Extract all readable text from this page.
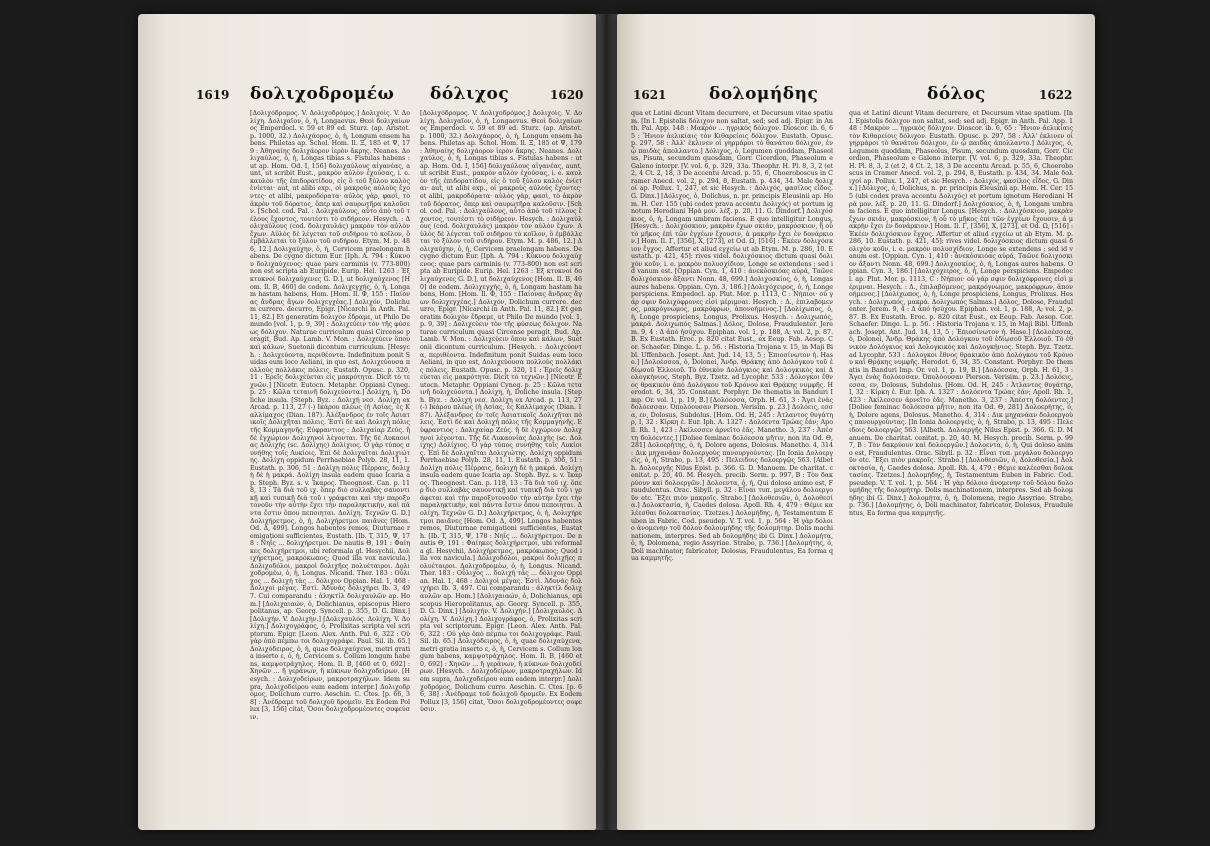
1619 δολιχοδρομέω δόλιχος	1620
[Δολιχόδρομος. V. Δολιχοδρόμος.] Δολιχοὶς. V. Δολίχη. Δολιχαῖον, ὁ, ἡ, Longaevus. Θεοὶ δολιχαίωνος Emperdocl. v. 59 et 89 ed. Sturz. (ap. Aristot. p. 1000, 32.) Δολιχάορος, ὁ, ἡ, Longum ensem habens. Philetas ap. Schol. Hom. Il. Ξ, 185 et Ψ, 179 : Ἀθηναίης δολιχάορον ἱερὸν ἄκρης. Neanes. Δολιχαύλος, ὁ, ἡ, Longas tibias s. Fistulas habens : ut ap. Hom. Od. I, 156] δολιχαύλους αἰγανέας, aunt, ut scribit Eust., μακρὸν αὐλὸν ἐχούσας, i. e. καυλὸν τῆς ἐπιδορατίδου, εἰς ὃ τοῦ ξύλου καλὸς ἐνίεται· aut, ut alibi exp., οἱ μακροὺς αὐλοὺς ἔχοντες· et alibi, μακροδόρατα· αὐλὸς γὰρ, φασὶ, τὸ ἀκρὸν τοῦ δόρατος, ὅπερ καὶ σαυρωτῆρα καλοῦσιν. [Schol. cod. Pal. : Δολιχαύλους, αὖτο ἀπὸ τοῦ τέλους ἔχοντος, τουτέστι τὸ σιδήρεον. Hesych. : Δολιχαύλους (cod. δολιχαυλάς) μακρὸν τὸν αὐλὸν ἔχων. Αὐλὸς δὲ λέγεται τοῦ σιδήρου τὸ κοῖλον, ὃ ἐμβάλλεται τὸ ξύλον τοῦ σιδήρου. Etym. M. p. 486, 12.] Δολιχαύχην, ὁ, ἡ, Cervicem praelongam habens. De cygno dictum Eur. [Iph. A. 794 : Κύκνου δολιχαύχενος: quae pars carminis (v. 773-800) non est scripta ab Euripide. Eurip. Hel. 1263 : Ἐξ κτυκνοί δολιχαύχενες G. D.], ut δολιχαύχενος [Hom. Il. B, 460] de codem. Δολιχεγχής, ὁ, ἡ, Longam hastam habens, Hom. [Hom. Il. Φ, 155 : Παίονας ἄνδρας ἄγων δολιχεγχέας.] Δολιχόν, Dolichum currere. decurro, Epigr. [Nicarchi in Anth. Pal. 11, 82.] Et generatim δολιχὸν ἔδραμε, ut Philo De mundo [vol. 1, p. 9, 39] : Δολιχεύειν τὸν τῆς φύσεως δόλιχον. Naturae curriculum quasi Circense peragit, Bud. Ap. Lamb. V. Mon. : Δολιχεύειν ὅπου καὶ κάλων, Suetonii dicontum curriculum. [Hesych. : Δολιχεύοντα, περιθέοντα. Indefinitum ponit Suidas eum loco Aeliani, in quo est, Δολιχεύουσα πολλοὺς πολλάκις πόλεις. Eustath. Opusc. p. 320, 11 : Ἐρεῖς δολιχεύεται εἰς μακρότητα. Dicit τὸ τεχνῶν.] [Nicetr. Eutocn. Metaphr. Oppiani Cyneg. p. 25 : Κῶλα τεταινῆ δολιχεύοντα.] Δολίχη, ἡ, Doliche insula. [Steph. Byz. : Δολιχή νεσ. Δολίχη ex Arcad. p. 113, 27 (-) Ικάρου πλέως (ἡ Ασίας, ἐς Καλλίμαχος (Dian. 187). Ἀλέξανδρος ἐν τοῖς Ἀσιατικοῖς Δολιχῆται πόλεις. Ἐστὶ δὲ καὶ Δολιχὴ πόλις τῆς Κομμαγηνῆς. Εὐφραντιος : Δολιχαίαρ Ζεύς. ἣ δὲ ἐγχώριον Δολιχηνοὶ λέγονται. Τῆς δὲ Λυκαονίας Δολιχὴς (sc. Δολίχης) Δολίχιος. Ὁ γὰρ τύπος συνήθης τοῖς Λυκίοις. Ἐπὶ δὲ Δολιχαῖται Δολιχιώτης. Δολίχη oppidum Perrhaebiae Polyb. 28, 11, 1. Eustath. p. 306, 51 : Δολίχη πόλις Πέρραις, δολιχὴ δὲ ἡ μακρά. Δολίχη insula eadem quae Icaria ap. Steph. Byz. s. v. Ἰκαρος. Theognost. Can. p. 118, 13 : Τὰ διὰ τοῦ ιχ. ὅπερ διὸ συλλαβὰς σαυοντικῇ καὶ τυπικῇ διὰ τοῦ ι γράφεται καὶ τὴν παροξυτονοῦν τὴν αὐτὴν ἔχει τὴν παραληκτικὴν, καὶ πάντα ἔστιν ὅπου πεποιηται. Δολίχη. Τεχνῶν G. D.] Δολιχήρετμος, ὁ, ἡ, Δολιχήρετμοι παιᾶνες [Hom. Od. Δ, 499]. Longos habentes remos, Diuturnae remigationi sufficientes, Eustath. [Ib. T, 315, Ψ, 178 : Νηΐς ... δολιχήρετμοι. De nautis Θ, 191 : Φαίηκες δολιχήρετμοι, ubi reformala gl. Hesychii, Δολιχήρετμος, μακρόκωπος; Quod illa vox navicula.] Δολιχοδόλοι, μακροὶ δολιχῆες πολυέταιροι. Δολιχοδρομέω, ὁ, ἡ, Longus. Nicand. Ther. 183 : Οὖλιχος ... δολιχή τὰς ... δόλιχον Oppian. Hal. 1, 468 : Δολιχοὶ μέγας. Ἐστὶ. Ἀδυνάς δολιχήρει Ib. 3, 497. Cui comparandu : ἀληκτίλ δολιχαυλῶν ap. Hom.] [Δολιχαιαών, ὁ, Dolichianus, episcopus Hieropolitanus, ap. Georg. Syncell. p. 355, D. G. Dinx.] [Δολιχήν. V. Δολιχήν.] [Δολιχαυλός. Δολίχη. V. Δολίχη.] Δολιχογράφος, ὁ, Prolixitas scripta vel scriptorum. Epigr. [Leon. Alex. Anth. Pal. 6, 322 : Οὐ γὰρ ὀπὸ πέμπω τοι δολιχογράφε. Paul. Sil. ib. 65.] Δολιχόδειρος, ὁ, ἡ, quae δολιχαύχενα, metri gratia inserto ε, ὁ, ἡ, Cervicem s. Collum longum habens, καμψοτράχηλος. Hom. Il. B, [460 et 0, 692] : Χηνῶν ... ἢ γεράνων, ἢ κύκνων δολιχοδείρων. [Hesych. : Δολιχοδείρων, μακροτραχήλων. Idem supra, Δολιχοδείρου eum eadem interpr.] Δολιχοδρόμος, Dolichum curro. Aeschin. C. Ctes. [p. 66, 38] : Ἀνέδραμε τοῦ δολιχοῦ δρομεῖν. Ex Eodem Pollux [3, 156] citat, Ὅσοι δολιχοδρομέοντες σοφεύσιν.
[Δολιχόδρομος. V. Δολιχοδρόμος.] Δολιχοὶς. V. Δολίχη. Δολιχαῖον, ὁ, ἡ, Longaevus. Θεοὶ δολιχαίωνος Emperdocl. v. 59 et 89 ed. Sturz. (ap. Aristot. p. 1000, 32.) Δολιχάορος, ὁ, ἡ, Longum ensem habens. Philetas ap. Schol. Hom. Il. Ξ, 185 et Ψ, 179 : Ἀθηναίης δολιχάορον ἱερὸν ἄκρης. Neanes. Δολιχαύλος, ὁ, ἡ, Longas tibias s. Fistulas habens : ut ap. Hom. Od. I, 156] δολιχαύλους αἰγανέας, aunt, ut scribit Eust., μακρὸν αὐλὸν ἐχούσας, i. e. καυλὸν τῆς ἐπιδορατίδου, εἰς ὃ τοῦ ξύλου καλὸς ἐνίεται· aut, ut alibi exp., οἱ μακροὺς αὐλοὺς ἔχοντες· et alibi, μακροδόρατα· αὐλὸς γὰρ, φασὶ, τὸ ἀκρὸν τοῦ δόρατος, ὅπερ καὶ σαυρωτῆρα καλοῦσιν. [Schol. cod. Pal. : Δολιχαύλους, αὖτο ἀπὸ τοῦ τέλους ἔχοντος, τουτέστι τὸ σιδήρεον. Hesych. : Δολιχαύλους (cod. δολιχαυλάς) μακρὸν τὸν αὐλὸν ἔχων. Αὐλὸς δὲ λέγεται τοῦ σιδήρου τὸ κοῖλον, ὃ ἐμβάλλεται τὸ ξύλον τοῦ σιδήρου. Etym. M. p. 486, 12.] Δολιχαύχην, ὁ, ἡ, Cervicem praelongam habens. De cygno dictum Eur. [Iph. A. 794 : Κύκνου δολιχαύχενος: quae pars carminis (v. 773-800) non est scripta ab Euripide. Eurip. Hel. 1263 : Ἐξ κτυκνοί δολιχαύχενες G. D.], ut δολιχαύχενος [Hom. Il. B, 460] de codem. Δολιχεγχής, ὁ, ἡ, Longam hastam habens, Hom. [Hom. Il. Φ, 155 : Παίονας ἄνδρας ἄγων δολιχεγχέας.] Δολιχόν, Dolichum currere. decurro, Epigr. [Nicarchi in Anth. Pal. 11, 82.] Et generatim δολιχὸν ἔδραμε, ut Philo De mundo [vol. 1, p. 9, 39] : Δολιχεύειν τὸν τῆς φύσεως δόλιχον. Naturae curriculum quasi Circense peragit, Bud. Ap. Lamb. V. Mon. : Δολιχεύειν ὅπου καὶ κάλων, Suetonii dicontum curriculum. [Hesych. : Δολιχεύοντα, περιθέοντα. Indefinitum ponit Suidas eum loco Aeliani, in quo est, Δολιχεύουσα πολλοὺς πολλάκις πόλεις. Eustath. Opusc. p. 320, 11 : Ἐρεῖς δολιχεύεται εἰς μακρότητα. Dicit τὸ τεχνῶν.] [Nicetr. Eutocn. Metaphr. Oppiani Cyneg. p. 25 : Κῶλα τεταινῆ δολιχεύοντα.] Δολίχη, ἡ, Doliche insula. [Steph. Byz. : Δολιχή νεσ. Δολίχη ex Arcad. p. 113, 27 (-) Ικάρου πλέως (ἡ Ασίας, ἐς Καλλίμαχος (Dian. 187). Ἀλέξανδρος ἐν τοῖς Ἀσιατικοῖς Δολιχῆται πόλεις. Ἐστὶ δὲ καὶ Δολιχὴ πόλις τῆς Κομμαγηνῆς. Εὐφραντιος : Δολιχαίαρ Ζεύς. ἣ δὲ ἐγχώριον Δολιχηνοὶ λέγονται. Τῆς δὲ Λυκαονίας Δολιχὴς (sc. Δολίχης) Δολίχιος. Ὁ γὰρ τύπος συνήθης τοῖς Λυκίοις. Ἐπὶ δὲ Δολιχαῖται Δολιχιώτης. Δολίχη oppidum Perrhaebiae Polyb. 28, 11, 1. Eustath. p. 306, 51 : Δολίχη πόλις Πέρραις, δολιχὴ δὲ ἡ μακρά. Δολίχη insula eadem quae Icaria ap. Steph. Byz. s. v. Ἰκαρος. Theognost. Can. p. 118, 13 : Τὰ διὰ τοῦ ιχ. ὅπερ διὸ συλλαβὰς σαυοντικῇ καὶ τυπικῇ διὰ τοῦ ι γράφεται καὶ τὴν παροξυτονοῦν τὴν αὐτὴν ἔχει τὴν παραληκτικὴν, καὶ πάντα ἔστιν ὅπου πεποιηται. Δολίχη. Τεχνῶν G. D.] Δολιχήρετμος, ὁ, ἡ, Δολιχήρετμοι παιᾶνες [Hom. Od. Δ, 499]. Longos habentes remos, Diuturnae remigationi sufficientes, Eustath. [Ib. T, 315, Ψ, 178 : Νηΐς ... δολιχήρετμοι. De nautis Θ, 191 : Φαίηκες δολιχήρετμοι, ubi reformala gl. Hesychii, Δολιχήρετμος, μακρόκωπος; Quod illa vox navicula.] Δολιχοδόλοι, μακροὶ δολιχῆες πολυέταιροι. Δολιχοδρομέω, ὁ, ἡ, Longus. Nicand. Ther. 183 : Οὖλιχος ... δολιχή τὰς ... δόλιχον Oppian. Hal. 1, 468 : Δολιχοὶ μέγας. Ἐστὶ. Ἀδυνάς δολιχήρει Ib. 3, 497. Cui comparandu : ἀληκτίλ δολιχαυλῶν ap. Hom.] [Δολιχαιαών, ὁ, Dolichianus, episcopus Hieropolitanus, ap. Georg. Syncell. p. 355, D. G. Dinx.] [Δολιχήν. V. Δολιχήν.] [Δολιχαυλός. Δολίχη. V. Δολίχη.] Δολιχογράφος, ὁ, Prolixitas scripta vel scriptorum. Epigr. [Leon. Alex. Anth. Pal. 6, 322 : Οὐ γὰρ ὀπὸ πέμπω τοι δολιχογράφε. Paul. Sil. ib. 65.] Δολιχόδειρος, ὁ, ἡ, quae δολιχαύχενα, metri gratia inserto ε, ὁ, ἡ, Cervicem s. Collum longum habens, καμψοτράχηλος. Hom. Il. B, [460 et 0, 692] : Χηνῶν ... ἢ γεράνων, ἢ κύκνων δολιχοδείρων. [Hesych. : Δολιχοδείρων, μακροτραχήλων. Idem supra, Δολιχοδείρου eum eadem interpr.] Δολιχοδρόμος, Dolichum curro. Aeschin. C. Ctes. [p. 66, 38] : Ἀνέδραμε τοῦ δολιχοῦ δρομεῖν. Ex Eodem Pollux [3, 156] citat, Ὅσοι δολιχοδρομέοντες σοφεύσιν.
1621	δολομήδης	δόλος	1622
qua et Latini dicunt Vitam decurrere, et Decursum vitae spatium. [In I. Epistolis δόλιχον non saltat, sed; sed adj. Epigr. in Anth. Pal. App. 148 : Μακρὸν ... ηγρικὸς δόλιχον. Dioscor. ib. 6, 65 : Ἤνιον ἀελικίαις τὸν Κιθαρείοις δόλιχον. Eustath. Opusc. p. 297, 58 : Ἀλλ' ἐκλινεν οἱ γηρμάροι τὸ θανάτου δόλιχον, ἐν ᾧ παιδὰς ἀπολλαντο.] Δόλιχος, ὁ, Legumen quoddam, Phaseolus, Pisum, secundum quosdam, Gorr. Cicerdion, Phaseolum e Galeno interpr. [V. vol. 6, p. 329, 33a. Theophr. H. Pl. 8, 3, 2 (et 2, 4 Ct. 2, 18, 3 De accentu Arcad. p. 55, 6, Choeroboscus in Cramer Anecd. vol. 2, p. 294, 8, Eustath. p. 434, 34. Male δολιχοί ap. Pollux. 1, 247, et sic Hesych. : Δολιχός, φασίλος εἶδος. G. Dinx.] [Δόλιχος, ὁ, Dolichus, n. pr. principis Eleusinii ap. Hom. H. Cer. 155 (ubi codex prava accentu Δολιχός) et portum ignotum Herodiani Ἡρὰ μον. λέξ. p. 20, 11. G. Dindorf.] Δολιχόσκιος, ὁ, ἡ, Longam umbram faciens. E quo intelligitur Longus. [Hesych. : Δολιχόσκιον, μακρὰν ἔχων σκιάν, μακρόσκιον, ἢ οὗ τὸ μῆκος ἐπὶ τῶν ἐγχέων ἔχουσιν, ἀ μακρὴν ἔχει ἐν δονάρκιον.] Hom. Il. Γ, [356], Χ, [273], et Od. Ω, [516] : Ἑκέεν δολιχόσκιον ἔγχος. Affertur et aliud εγχείω ut ab Etym. M. p. 286, 10. Eustath. p. 421, 45]: rives videl. δολιχόσκιος dictum quasi δολιχὸν κοῦν, i. e. μακρὸν πολυσχίδιον, Longe se extendens ; sed id vanum est. [Oppian. Cyn. 1, 410 : ἀνεκὀσκιόας αὐρά, Ταῶνε δολιχόσκιον ἄξαντι Nonn. 48, 699.] Δολιχοσκίος, ὁ, ἡ, Longas aures habens. Oppian. Cyn. 3, 186.] [Δολιχόχειρος, ὁ, ἡ, Longe perspiciens. Empedocl. ap. Plut. Mor. p. 1113, C : Νήπιοι· οὐ γάρ σφιν δολιχόφρονες εἰσὶ μέριμναι. Hesych. : Δ., ἐπιλαβόμενος, μακρόγνωμος, μακρόφρων, ἀπονοήμενος.] [Δολίχωπος, ὁ, ἡ, Longe prospiciens, Longus, Prolixus. Hesych. : Δολιχωπός, μακρά. Δολιχωπός Salmas.] Δόλος, Dolose, Fraudulenter. Jerem. 9, 4 : Δ ἀπό ἡσύχου. Epiphan. vol. 1, p. 188, A; vol. 2, p. 87. B. Ex Eustath. Eroc. p. 820 citat Eust., ex Eeup. Fab. Aesop. Cor. Schaefer. Dinge. L. p. 56. : Historia Trojana v. 15, in Maji Bibl. Uffenbach. Josept. Ant. Jud. 14, 13, 5 ; Ἐπιοσίνωτον ἡ. Hase.] [Δολοέσσεα, ὁ, Dolonei, Ἄνδρ. Θράκης ἀπὸ Δολόγκου τοῦ ἐδίῳσοῦ Ἑλλοιοῦ. Τὸ ἐθνικὸν Δολόγκιος καὶ Δολογκικὸς καὶ Δολογκήνιος. Steph. Byz. Tzetz. ad Lycophr. 533 : Δόλογκοι ἔθνος θρακικὸν ἀπὸ Δολόγκου τοῦ Κρόνου καὶ Θρᾴκης νυμφῆς. Herodot. 6, 34, 35. Constant. Porphyr. De thematis in Banduri Imp. Or. vol. 1, p. 19, B.] [Δολόεσσα, Orph. H. 61, 3 : Ἄγει ἐνὰς δολόεσσαν. Ὀπολόουσαν Pierson. Verisim. p. 23.] Δολόεις, εσσα, εν, Dolosus, Subdolus. [Hom. Od. H, 245 : Ἀτλαντος θυγάτηρ, Ι, 32 : Κίρκη ἐ. Eur. Iph. A. 1327 : Δολόεντα Τρώας ἐάν; Apoll. Rh. 1, 423 : Ἀκίλεσσεν ἀρνεῖτο ἐᾶς. Manetho. 3, 237 : Ἀπέστη δολόεντες.] [Doliee feminac δολόεσσα μῆτιν, non ita Od. Θ, 281] Δολοερήτης, ὁ, ἡ, Dolore agens, Dolosus. Manetho. 4, 314 : Δικ μηχανάαν δολοεργοὺς πανουργούντας. [In Ionia Δολοεργεὶς, ὁ, ἡ, Strabo, p. 13, 495 : Πελειδοις δολοεργῷς 563. [Albeth. Δολοεργῆς Nilus Epist. p. 366. G. D. Manuem. De charitat. cenitat. p. 20, 40. M. Hesych. precib. Serm. p. 997, B : Τὸν δακρύουν καὶ δολοεργῶν.] Δολοεντα, ὁ, ἡ, Qui doloso animo est, Fraudulentus. Orac. Sibyll. p. 32 : Εἶναι τυπ. μεγάλου δολοεργοῦν etc. Ἕξει πιὸν μακροῖς. Strabo.] [Δολοθεσιῶν, ὁ, Δολοθεσία.] Δολοκτασία, ἡ, Caedes dolosa. Apoll. Rh. 4, 479 : Θέμιε καλέεσθαι δολοκτασίας. Tzetzes.] Δολομήδης, ἡ, Testamentum Euben in Fabric. Cod. pseudep. V. T. vol. 1, p. 564 : Ἡ γὰρ δόλοιο ἀνομενην τοῦ δόλου δολουμήδης τῆς δολομήτηρ. Dolis machinationem, interpres. Sed ab δολομήδης ibi G. Dinx.] Δολομήτα, ὁ, ἡ, Dolomena, regio Assyriae. Strabo, p. 736.] [Δολομήτης, ὁ, Doli machinator, fabricator, Dolosus, Fraudulentus, Ea forma qua καμμητῆς.
qua et Latini dicunt Vitam decurrere, et Decursum vitae spatium. [In I. Epistolis δόλιχον non saltat, sed; sed adj. Epigr. in Anth. Pal. App. 148 : Μακρὸν ... ηγρικὸς δόλιχον. Dioscor. ib. 6, 65 : Ἤνιον ἀελικίαις τὸν Κιθαρείοις δόλιχον. Eustath. Opusc. p. 297, 58 : Ἀλλ' ἐκλινεν οἱ γηρμάροι τὸ θανάτου δόλιχον, ἐν ᾧ παιδὰς ἀπολλαντο.] Δόλιχος, ὁ, Legumen quoddam, Phaseolus, Pisum, secundum quosdam, Gorr. Cicerdion, Phaseolum e Galeno interpr. [V. vol. 6, p. 329, 33a. Theophr. H. Pl. 8, 3, 2 (et 2, 4 Ct. 2, 18, 3 De accentu Arcad. p. 55, 6, Choeroboscus in Cramer Anecd. vol. 2, p. 294, 8, Eustath. p. 434, 34. Male δολιχοί ap. Pollux. 1, 247, et sic Hesych. : Δολιχός, φασίλος εἶδος. G. Dinx.] [Δόλιχος, ὁ, Dolichus, n. pr. principis Eleusinii ap. Hom. H. Cer. 155 (ubi codex prava accentu Δολιχός) et portum ignotum Herodiani Ἡρὰ μον. λέξ. p. 20, 11. G. Dindorf.] Δολιχόσκιος, ὁ, ἡ, Longam umbram faciens. E quo intelligitur Longus. [Hesych. : Δολιχόσκιον, μακρὰν ἔχων σκιάν, μακρόσκιον, ἢ οὗ τὸ μῆκος ἐπὶ τῶν ἐγχέων ἔχουσιν, ἀ μακρὴν ἔχει ἐν δονάρκιον.] Hom. Il. Γ, [356], Χ, [273], et Od. Ω, [516] : Ἑκέεν δολιχόσκιον ἔγχος. Affertur et aliud εγχείω ut ab Etym. M. p. 286, 10. Eustath. p. 421, 45]: rives videl. δολιχόσκιος dictum quasi δολιχὸν κοῦν, i. e. μακρὸν πολυσχίδιον, Longe se extendens ; sed id vanum est. [Oppian. Cyn. 1, 410 : ἀνεκὀσκιόας αὐρά, Ταῶνε δολιχόσκιον ἄξαντι Nonn. 48, 699.] Δολιχοσκίος, ὁ, ἡ, Longas aures habens. Oppian. Cyn. 3, 186.] [Δολιχόχειρος, ὁ, ἡ, Longe perspiciens. Empedocl. ap. Plut. Mor. p. 1113, C : Νήπιοι· οὐ γάρ σφιν δολιχόφρονες εἰσὶ μέριμναι. Hesych. : Δ., ἐπιλαβόμενος, μακρόγνωμος, μακρόφρων, ἀπονοήμενος.] [Δολίχωπος, ὁ, ἡ, Longe prospiciens, Longus, Prolixus. Hesych. : Δολιχωπός, μακρά. Δολιχωπός Salmas.] Δόλος, Dolose, Fraudulenter. Jerem. 9, 4 : Δ ἀπό ἡσύχου. Epiphan. vol. 1, p. 188, A; vol. 2, p. 87. B. Ex Eustath. Eroc. p. 820 citat Eust., ex Eeup. Fab. Aesop. Cor. Schaefer. Dinge. L. p. 56. : Historia Trojana v. 15, in Maji Bibl. Uffenbach. Josept. Ant. Jud. 14, 13, 5 ; Ἐπιοσίνωτον ἡ. Hase.] [Δολοέσσεα, ὁ, Dolonei, Ἄνδρ. Θράκης ἀπὸ Δολόγκου τοῦ ἐδίῳσοῦ Ἑλλοιοῦ. Τὸ ἐθνικὸν Δολόγκιος καὶ Δολογκικὸς καὶ Δολογκήνιος. Steph. Byz. Tzetz. ad Lycophr. 533 : Δόλογκοι ἔθνος θρακικὸν ἀπὸ Δολόγκου τοῦ Κρόνου καὶ Θρᾴκης νυμφῆς. Herodot. 6, 34, 35. Constant. Porphyr. De thematis in Banduri Imp. Or. vol. 1, p. 19, B.] [Δολόεσσα, Orph. H. 61, 3 : Ἄγει ἐνὰς δολόεσσαν. Ὀπολόουσαν Pierson. Verisim. p. 23.] Δολόεις, εσσα, εν, Dolosus, Subdolus. [Hom. Od. H, 245 : Ἀτλαντος θυγάτηρ, Ι, 32 : Κίρκη ἐ. Eur. Iph. A. 1327 : Δολόεντα Τρώας ἐάν; Apoll. Rh. 1, 423 : Ἀκίλεσσεν ἀρνεῖτο ἐᾶς. Manetho. 3, 237 : Ἀπέστη δολόεντες.] [Doliee feminac δολόεσσα μῆτιν, non ita Od. Θ, 281] Δολοερήτης, ὁ, ἡ, Dolore agens, Dolosus. Manetho. 4, 314 : Δικ μηχανάαν δολοεργοὺς πανουργούντας. [In Ionia Δολοεργεὶς, ὁ, ἡ, Strabo, p. 13, 495 : Πελειδοις δολοεργῷς 563. [Albeth. Δολοεργῆς Nilus Epist. p. 366. G. D. Manuem. De charitat. cenitat. p. 20, 40. M. Hesych. precib. Serm. p. 997, B : Τὸν δακρύουν καὶ δολοεργῶν.] Δολοεντα, ὁ, ἡ, Qui doloso animo est, Fraudulentus. Orac. Sibyll. p. 32 : Εἶναι τυπ. μεγάλου δολοεργοῦν etc. Ἕξει πιὸν μακροῖς. Strabo.] [Δολοθεσιῶν, ὁ, Δολοθεσία.] Δολοκτασία, ἡ, Caedes dolosa. Apoll. Rh. 4, 479 : Θέμιε καλέεσθαι δολοκτασίας. Tzetzes.] Δολομήδης, ἡ, Testamentum Euben in Fabric. Cod. pseudep. V. T. vol. 1, p. 564 : Ἡ γὰρ δόλοιο ἀνομενην τοῦ δόλου δολουμήδης τῆς δολομήτηρ. Dolis machinationem, interpres. Sed ab δολομήδης ibi G. Dinx.] Δολομήτα, ὁ, ἡ, Dolomena, regio Assyriae. Strabo, p. 736.] [Δολομήτης, ὁ, Doli machinator, fabricator, Dolosus, Fraudulentus, Ea forma qua καμμητῆς.
